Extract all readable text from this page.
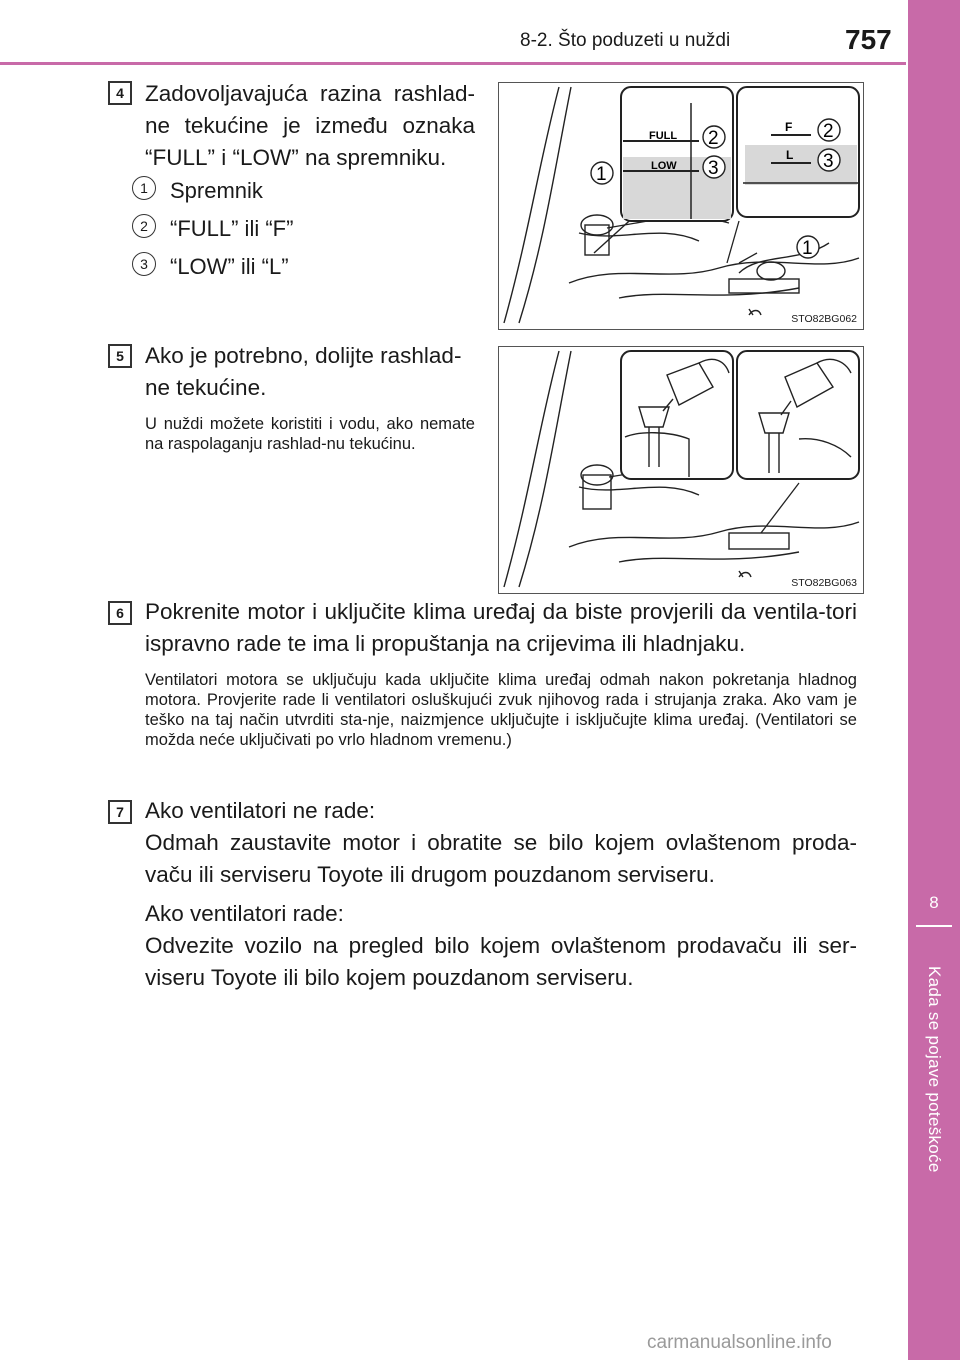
8-2. Što poduzeti u nuždi	757
8
Kada se pojave poteškoće
4 Zadovoljavajuća razina rashlad-ne tekućine je između oznaka “FULL” i “LOW” na spremniku.
1	Spremnik
2	“FULL” ili “F”
3	“LOW” ili “L”
FULL
LOW
2
3
1
F
L
2
3
1
STO82BG062
5 Ako je potrebno, dolijte rashlad-ne tekućine.
U nuždi možete koristiti i vodu, ako nemate na raspolaganju rashlad-nu tekućinu.
STO82BG063
6 Pokrenite motor i uključite klima uređaj da biste provjerili da ventila-tori ispravno rade te ima li propuštanja na crijevima ili hladnjaku.
Ventilatori motora se uključuju kada uključite klima uređaj odmah nakon pokretanja hladnog motora. Provjerite rade li ventilatori osluškujući zvuk njihovog rada i strujanja zraka. Ako vam je teško na taj način utvrditi sta-nje, naizmjence uključujte i isključujte klima uređaj. (Ventilatori se možda neće uključivati po vrlo hladnom vremenu.)
7 Ako ventilatori ne rade:
Odmah zaustavite motor i obratite se bilo kojem ovlaštenom proda-vaču ili serviseru Toyote ili drugom pouzdanom serviseru.
Ako ventilatori rade:
Odvezite vozilo na pregled bilo kojem ovlaštenom prodavaču ili ser-viseru Toyote ili bilo kojem pouzdanom serviseru.
carmanualsonline.info
